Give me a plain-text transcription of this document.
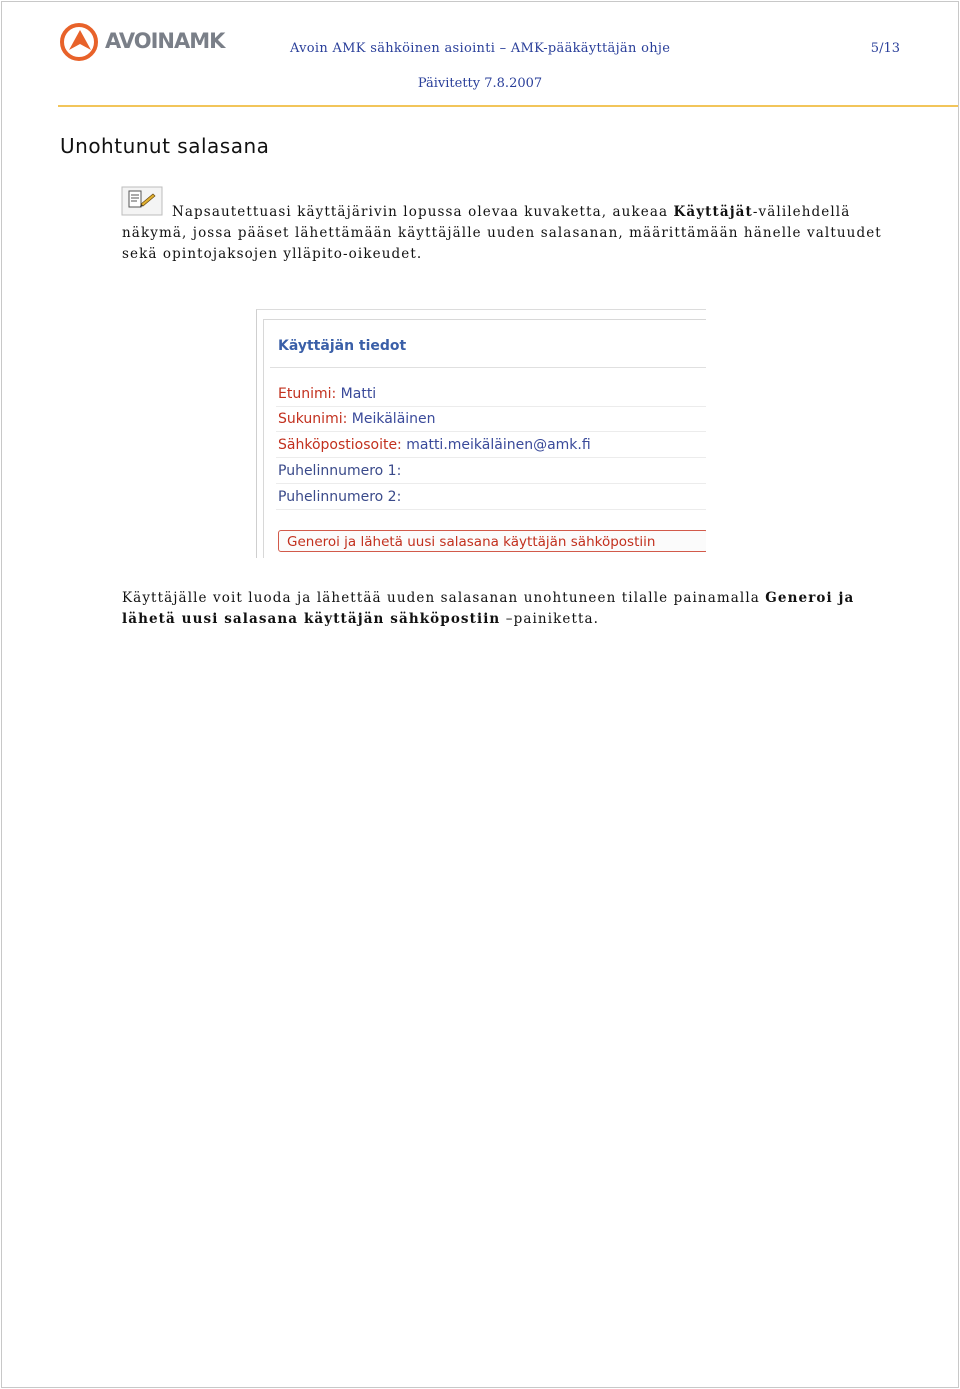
AVOINAMK	Avoin AMK sähköinen asiointi – AMK-pääkäyttäjän ohje	5/13
Päivitetty 7.8.2007
Unohtunut salasana
Napsautettuasi käyttäjärivin lopussa olevaa kuvaketta, aukeaa Käyttäjät-välilehdellä näkymä, jossa pääset lähettämään käyttäjälle uuden salasanan, määrittämään hänelle valtuudet sekä opintojaksojen ylläpito-oikeudet.
Käyttäjän tiedot
Etunimi: Matti
Sukunimi: Meikäläinen
Sähköpostiosoite: matti.meikäläinen@amk.fi
Puhelinnumero 1:
Puhelinnumero 2:
Generoi ja lähetä uusi salasana käyttäjän sähköpostiin
Käyttäjälle voit luoda ja lähettää uuden salasanan unohtuneen tilalle painamalla Generoi ja lähetä uusi salasana käyttäjän sähköpostiin –painiketta.
